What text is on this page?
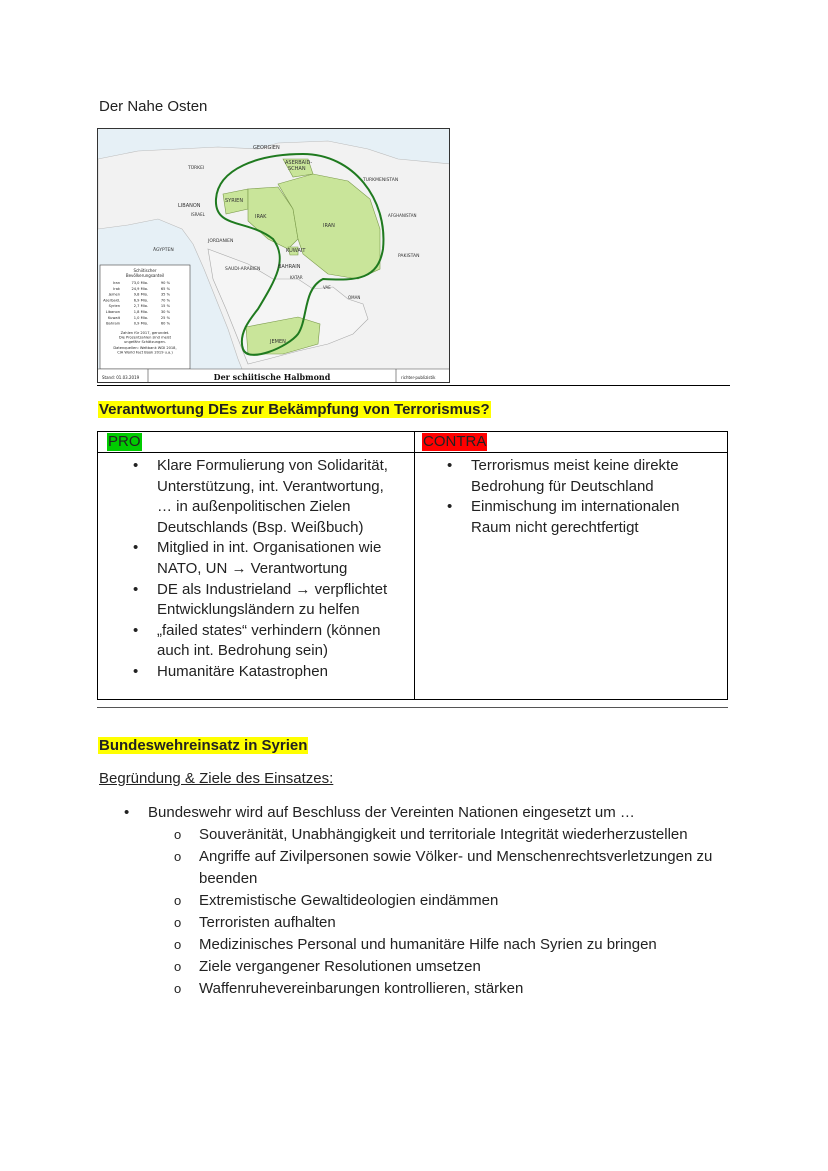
Der Nahe Osten
GEORGIEN
ASERBAID-
SCHAN
TÜRKEI
TURKMENISTAN
SYRIEN
LIBANON
ISRAEL	IRAK
IRAN
AFGHANISTAN
JORDANIEN
ÄGYPTEN	KUWAIT
PAKISTAN
SAUDI-ARABIEN	BAHRAIN
KATAR
VAE
OMAN
JEMEN
Schiitischer
Bevölkerungsanteil
Iran	73,0 Mio.	90 %
Irak	24,9 Mio.	65 %
Jemen	9,8 Mio.	35 %
Aserbaid.	6,9 Mio.	70 %
Syrien	2,7 Mio.	15 %
Libanon	1,8 Mio.	30 %
Kuwait	1,0 Mio.	25 %
Bahrain	0,9 Mio.	60 %
Zahlen für 2017, gerundet.
Die Prozentzahlen sind meist
ungefähr Schätzungen.
Datenquellen: Weltbank WDI 2018,
CIA World Fact Book 2019 u.a.)
Stand: 01.03.2019	Der schiitische Halbmond	richter-publizistik
Verantwortung DEs zur Bekämpfung von Terrorismus?
PRO	CONTRA
• Klare Formulierung von Solidarität,
Unterstützung, int. Verantwortung,
… in außenpolitischen Zielen
Deutschlands (Bsp. Weißbuch)
• Mitglied in int. Organisationen wie
NATO, UN → Verantwortung
• DE als Industrieland → verpflichtet
Entwicklungsländern zu helfen
• „failed states“ verhindern (können
auch int. Bedrohung sein)
• Humanitäre Katastrophen
• Terrorismus meist keine direkte
Bedrohung für Deutschland
• Einmischung im internationalen
Raum nicht gerechtfertigt
Bundeswehreinsatz in Syrien
Begründung & Ziele des Einsatzes:
• Bundeswehr wird auf Beschluss der Vereinten Nationen eingesetzt um …
o Souveränität, Unabhängigkeit und territoriale Integrität wiederherzustellen
o Angriffe auf Zivilpersonen sowie Völker- und Menschenrechtsverletzungen zu
beenden
o Extremistische Gewaltideologien eindämmen
o Terroristen aufhalten
o Medizinisches Personal und humanitäre Hilfe nach Syrien zu bringen
o Ziele vergangener Resolutionen umsetzen
o Waffenruhevereinbarungen kontrollieren, stärken
